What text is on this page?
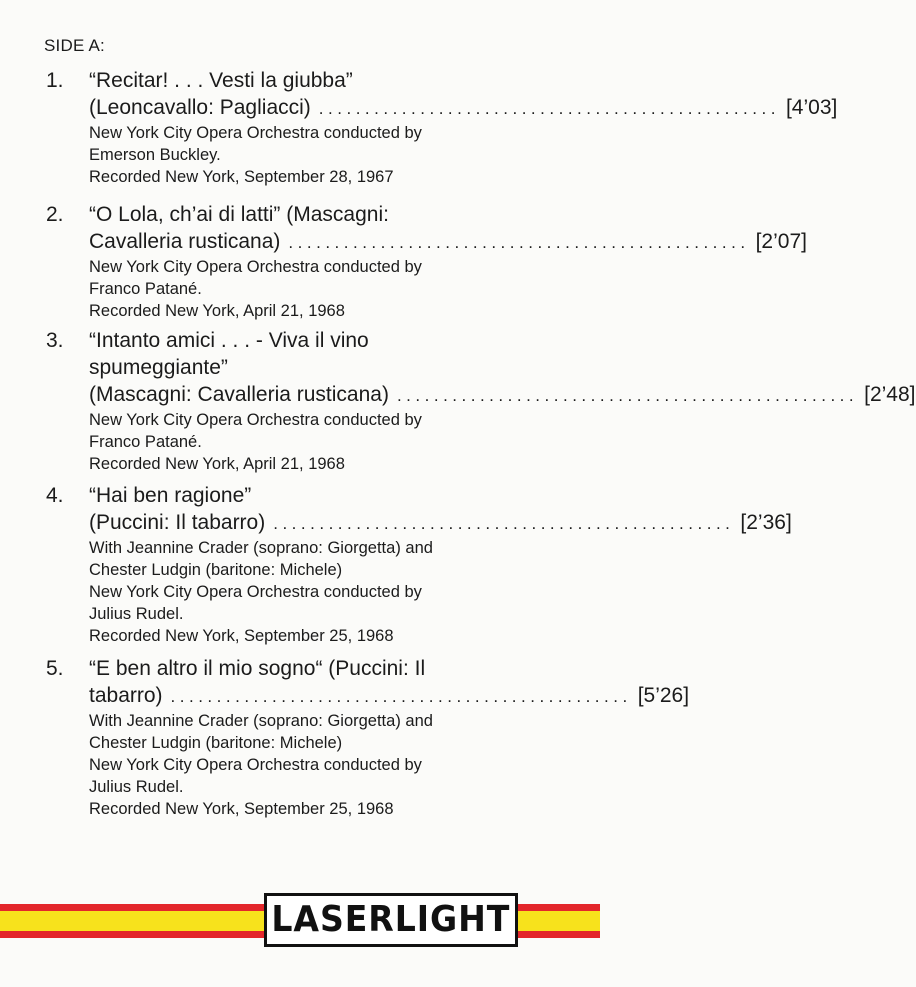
SIDE A:
1. “Recitar! . . . Vesti la giubba”
(Leoncavallo: Pagliacci) .................................................. [4’03]
New York City Opera Orchestra conducted by
Emerson Buckley.
Recorded New York, September 28, 1967
2. “O Lola, ch’ai di latti” (Mascagni:
Cavalleria rusticana) .................................................. [2’07]
New York City Opera Orchestra conducted by
Franco Patané.
Recorded New York, April 21, 1968
3. “Intanto amici . . . - Viva il vino
spumeggiante”
(Mascagni: Cavalleria rusticana) .................................................. [2’48]
New York City Opera Orchestra conducted by
Franco Patané.
Recorded New York, April 21, 1968
4. “Hai ben ragione”
(Puccini: Il tabarro) .................................................. [2’36]
With Jeannine Crader (soprano: Giorgetta) and
Chester Ludgin (baritone: Michele)
New York City Opera Orchestra conducted by
Julius Rudel.
Recorded New York, September 25, 1968
5. “E ben altro il mio sogno“ (Puccini: Il
tabarro) .................................................. [5’26]
With Jeannine Crader (soprano: Giorgetta) and
Chester Ludgin (baritone: Michele)
New York City Opera Orchestra conducted by
Julius Rudel.
Recorded New York, September 25, 1968
LASERLIGHT
